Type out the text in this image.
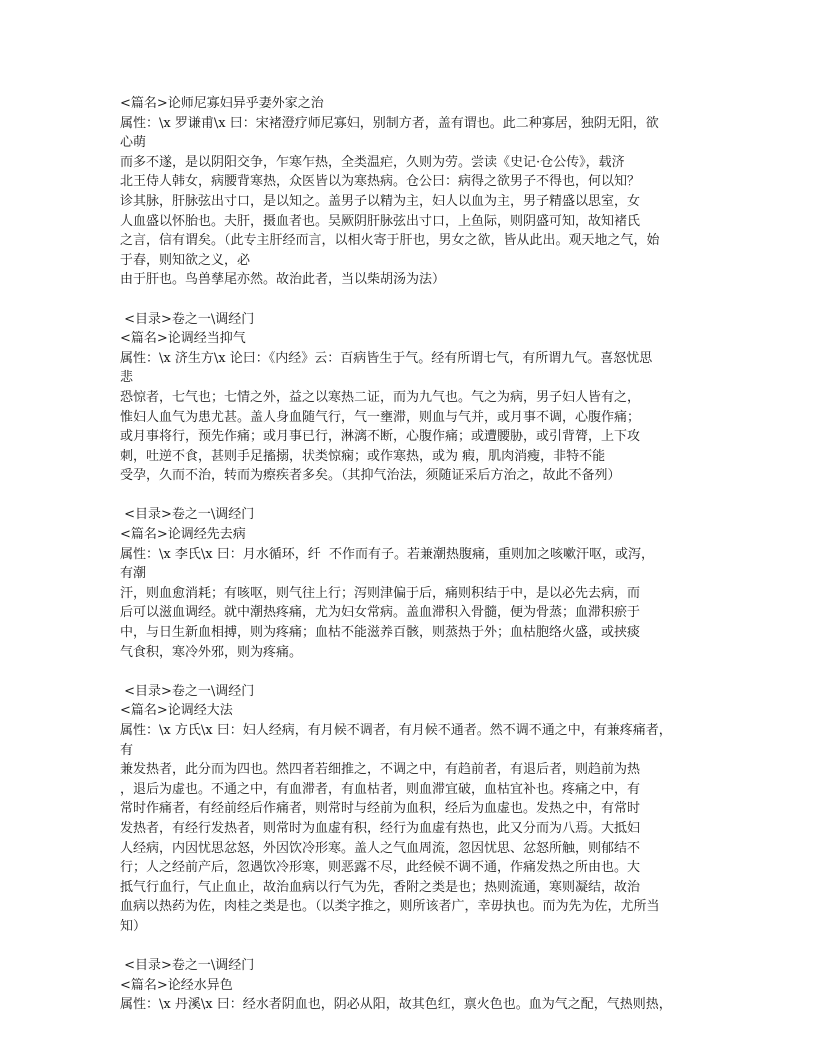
<篇名>论师尼寡妇异乎妻外家之治
属性：\x 罗谦甫\x 曰：宋褚澄疗师尼寡妇，别制方者，盖有谓也。此二种寡居，独阴无阳，欲
心萌
而多不遂，是以阴阳交争，乍寒乍热，全类温疟，久则为劳。尝读《史记·仓公传》，载济
北王侍人韩女，病腰背寒热，众医皆以为寒热病。仓公曰：病得之欲男子不得也，何以知？
诊其脉，肝脉弦出寸口，是以知之。盖男子以精为主，妇人以血为主，男子精盛以思室，女
人血盛以怀胎也。夫肝，摄血者也。吴厥阴肝脉弦出寸口，上鱼际，则阴盛可知，故知褚氏
之言，信有谓矣。（此专主肝经而言，以相火寄于肝也，男女之欲，皆从此出。观天地之气，始
于春，则知欲之义，必
由于肝也。鸟兽孳尾亦然。故治此者，当以柴胡汤为法）
<目录>卷之一\调经门
<篇名>论调经当抑气
属性：\x 济生方\x 论曰：《内经》云：百病皆生于气。经有所谓七气，有所谓九气。喜怒忧思
悲
恐惊者，七气也；七情之外，益之以寒热二证，而为九气也。气之为病，男子妇人皆有之，
惟妇人血气为患尤甚。盖人身血随气行，气一壅滞，则血与气并，或月事不调，心腹作痛；
或月事将行，预先作痛；或月事已行，淋漓不断，心腹作痛；或遭腰胁，或引背膂，上下攻
刺，吐逆不食，甚则手足搐搦，状类惊痫；或作寒热，或为 瘕，肌肉消瘦，非特不能
受孕，久而不治，转而为瘵疾者多矣。（其抑气治法，须随证采后方治之，故此不备列）
<目录>卷之一\调经门
<篇名>论调经先去病
属性：\x 李氏\x 曰：月水循环，纤  不作而有子。若兼潮热腹痛，重则加之咳嗽汗呕，或泻，
有潮
汗，则血愈消耗；有咳呕，则气往上行；泻则津偏于后，痛则积结于中，是以必先去病，而
后可以滋血调经。就中潮热疼痛，尤为妇女常病。盖血滞积入骨髓，便为骨蒸；血滞积瘀于
中，与日生新血相搏，则为疼痛；血枯不能滋养百骸，则蒸热于外；血枯胞络火盛，或挟痰
气食积，寒冷外邪，则为疼痛。
<目录>卷之一\调经门
<篇名>论调经大法
属性：\x 方氏\x 曰：妇人经病，有月候不调者，有月候不通者。然不调不通之中，有兼疼痛者，
有
兼发热者，此分而为四也。然四者若细推之，不调之中，有趋前者，有退后者，则趋前为热
，退后为虚也。不通之中，有血滞者，有血枯者，则血滞宜破，血枯宜补也。疼痛之中，有
常时作痛者，有经前经后作痛者，则常时与经前为血积，经后为血虚也。发热之中，有常时
发热者，有经行发热者，则常时为血虚有积，经行为血虚有热也，此又分而为八焉。大抵妇
人经病，内因忧思忿怒，外因饮冷形寒。盖人之气血周流，忽因忧思、忿怒所触，则郁结不
行；人之经前产后，忽遇饮冷形寒，则恶露不尽，此经候不调不通，作痛发热之所由也。大
抵气行血行，气止血止，故治血病以行气为先，香附之类是也；热则流通，寒则凝结，故治
血病以热药为佐，肉桂之类是也。（以类字推之，则所该者广，幸毋执也。而为先为佐，尤所当
知）
<目录>卷之一\调经门
<篇名>论经水异色
属性：\x 丹溪\x 曰：经水者阴血也，阴必从阳，故其色红，禀火色也。血为气之配，气热则热，
